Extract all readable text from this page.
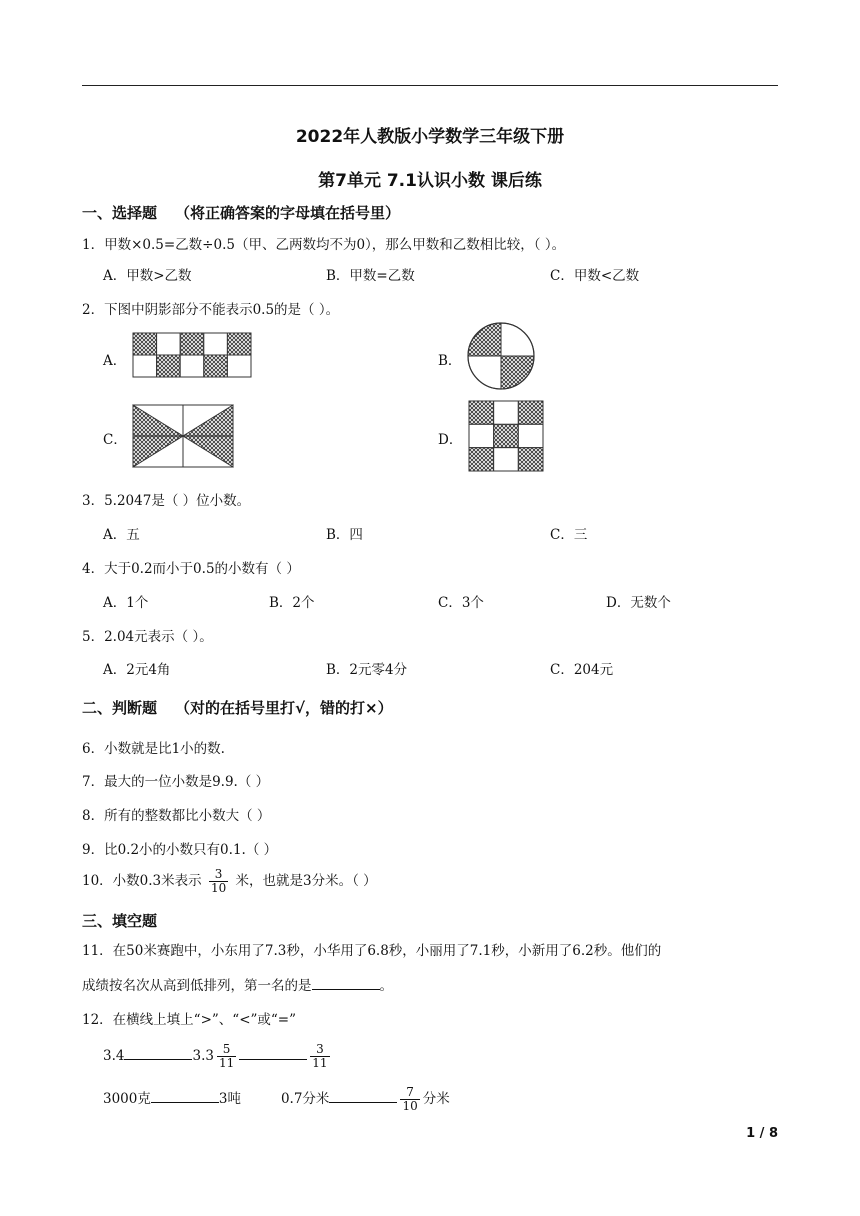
2022年人教版小学数学三年级下册
第7单元 7.1认识小数 课后练
一、选择题 （将正确答案的字母填在括号里）
1．甲数×0.5=乙数÷0.5（甲、乙两数均不为0），那么甲数和乙数相比较，（ ）。
A．甲数>乙数	B．甲数=乙数	C．甲数<乙数
2．下图中阴影部分不能表示0.5的是（ ）。
A．	B．
C．	D．
3．5.2047是（ ）位小数。
A．五	B．四	C．三
4．大于0.2而小于0.5的小数有（ ）
A．1个	B．2个	C．3个	D．无数个
5．2.04元表示（ ）。
A．2元4角	B．2元零4分	C．204元
二、判断题 （对的在括号里打√，错的打×）
6．小数就是比1小的数.
7．最大的一位小数是9.9.（ ）
8．所有的整数都比小数大（ ）
9．比0.2小的小数只有0.1.（ ）
10．小数0.3米表示 $\frac{3}{10}$ 米，也就是3分米。（ ）
三、填空题
11．在50米赛跑中，小东用了7.3秒，小华用了6.8秒，小丽用了7.1秒，小新用了6.2秒。他们的
成绩按名次从高到低排列，第一名的是	。
12．在横线上填上“>”、“<”或“=”
3.4	$3.3 \frac{5}{11}$	$\frac{3}{11}$
3000克	3吨	0.7分米	$\frac{7}{10}$ 分米
1 / 8
